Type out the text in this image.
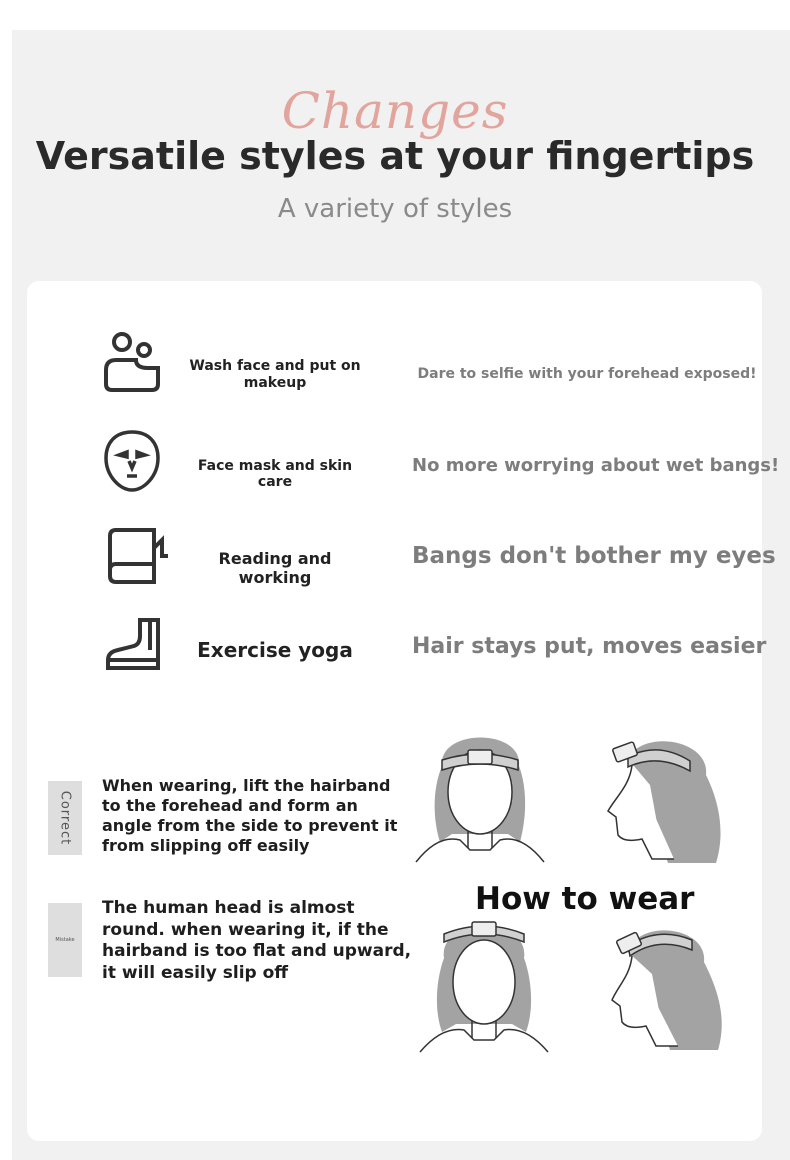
Changes
Versatile styles at your fingertips
A variety of styles
Wash face and put on makeup
Dare to selfie with your forehead exposed!
Face mask and skin care
No more worrying about wet bangs!
Reading and working
Bangs don't bother my eyes
Exercise yoga	Hair stays put, moves easier
Correct
When wearing, lift the hairband to the forehead and form an angle from the side to prevent it from slipping off easily
Mistake
The human head is almost round. when wearing it, if the hairband is too flat and upward, it will easily slip off
How to wear
